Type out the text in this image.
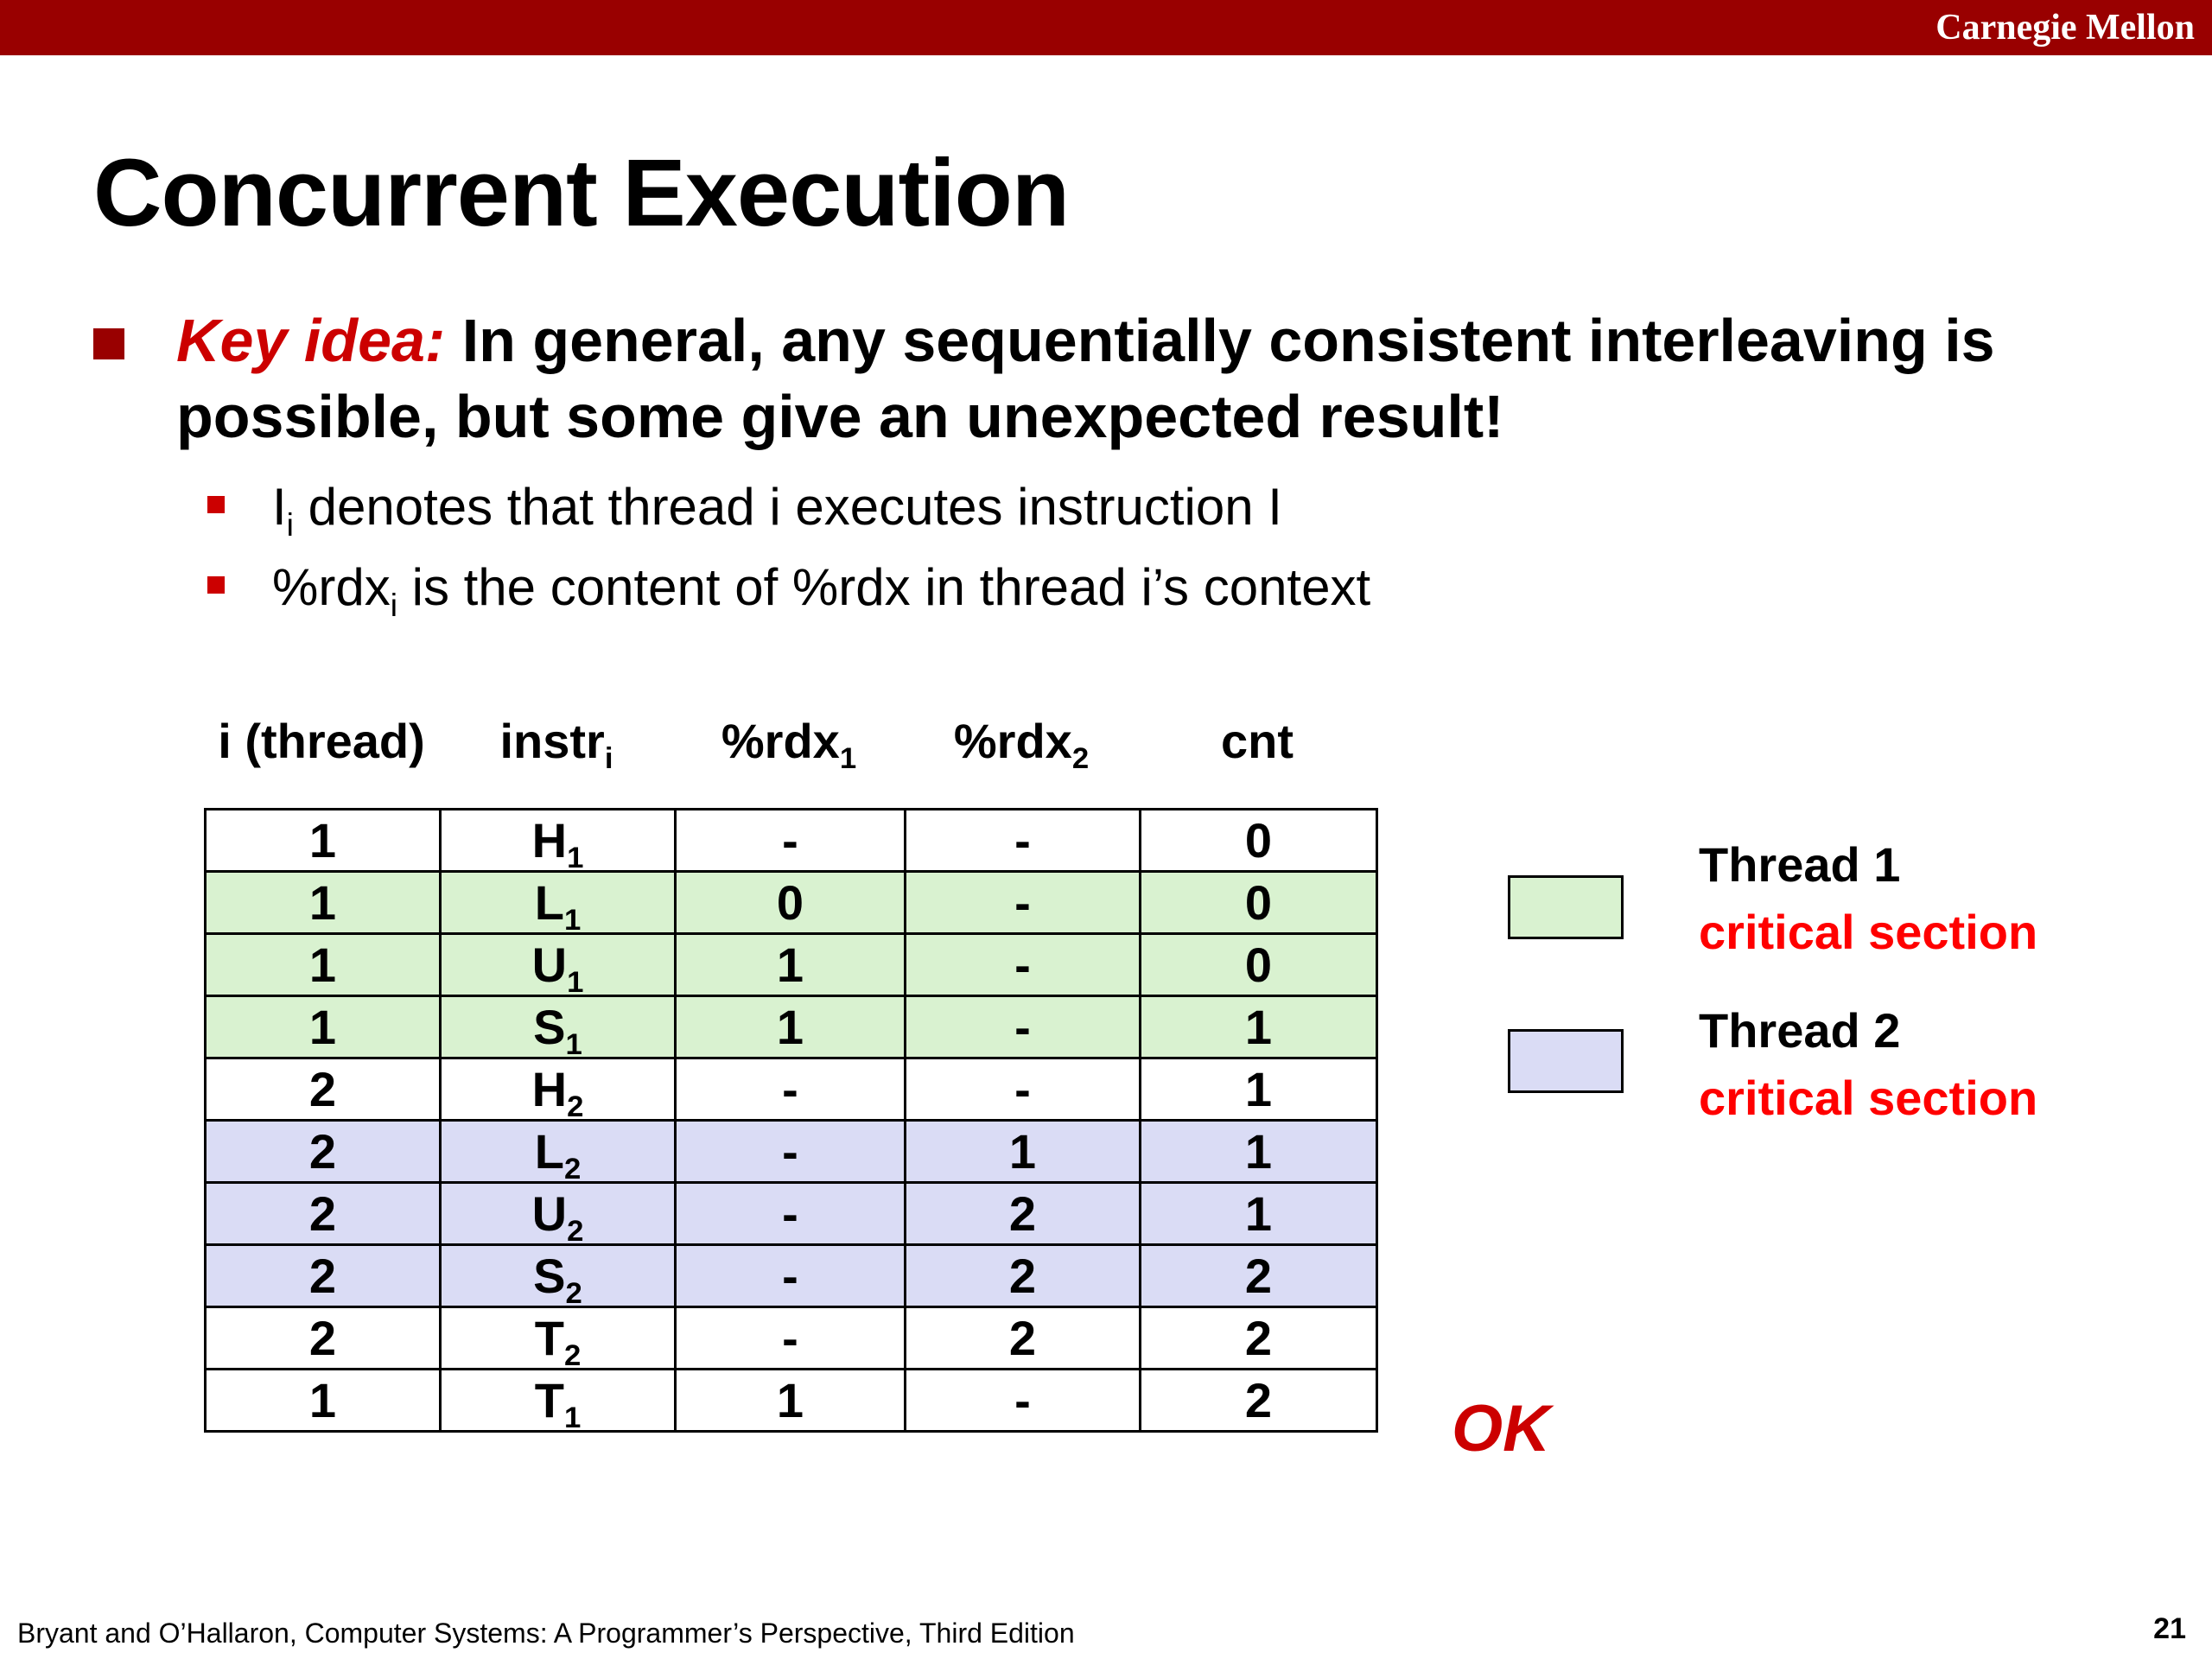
Carnegie Mellon
Concurrent Execution
Key idea: In general, any sequentially consistent interleaving is possible, but some give an unexpected result!
$I_i$ denotes that thread i executes instruction I
%rdx$_i$ is the content of %rdx in thread i’s context
i (thread)	instr$_i$	%rdx$_1$	%rdx$_2$	cnt
1	$H_1$	-	-	0
1	$L_1$	0	-	0
1	$U_1$	1	-	0
1	$S_1$	1	-	1
2	$H_2$	-	-	1
2	$L_2$	-	1	1
2	$U_2$	-	2	1
2	$S_2$	-	2	2
2	$T_2$	-	2	2
1	$T_1$	1	-	2
Thread 1
critical section
Thread 2
critical section
OK
Bryant and O’Hallaron, Computer Systems: A Programmer’s Perspective, Third Edition	21
